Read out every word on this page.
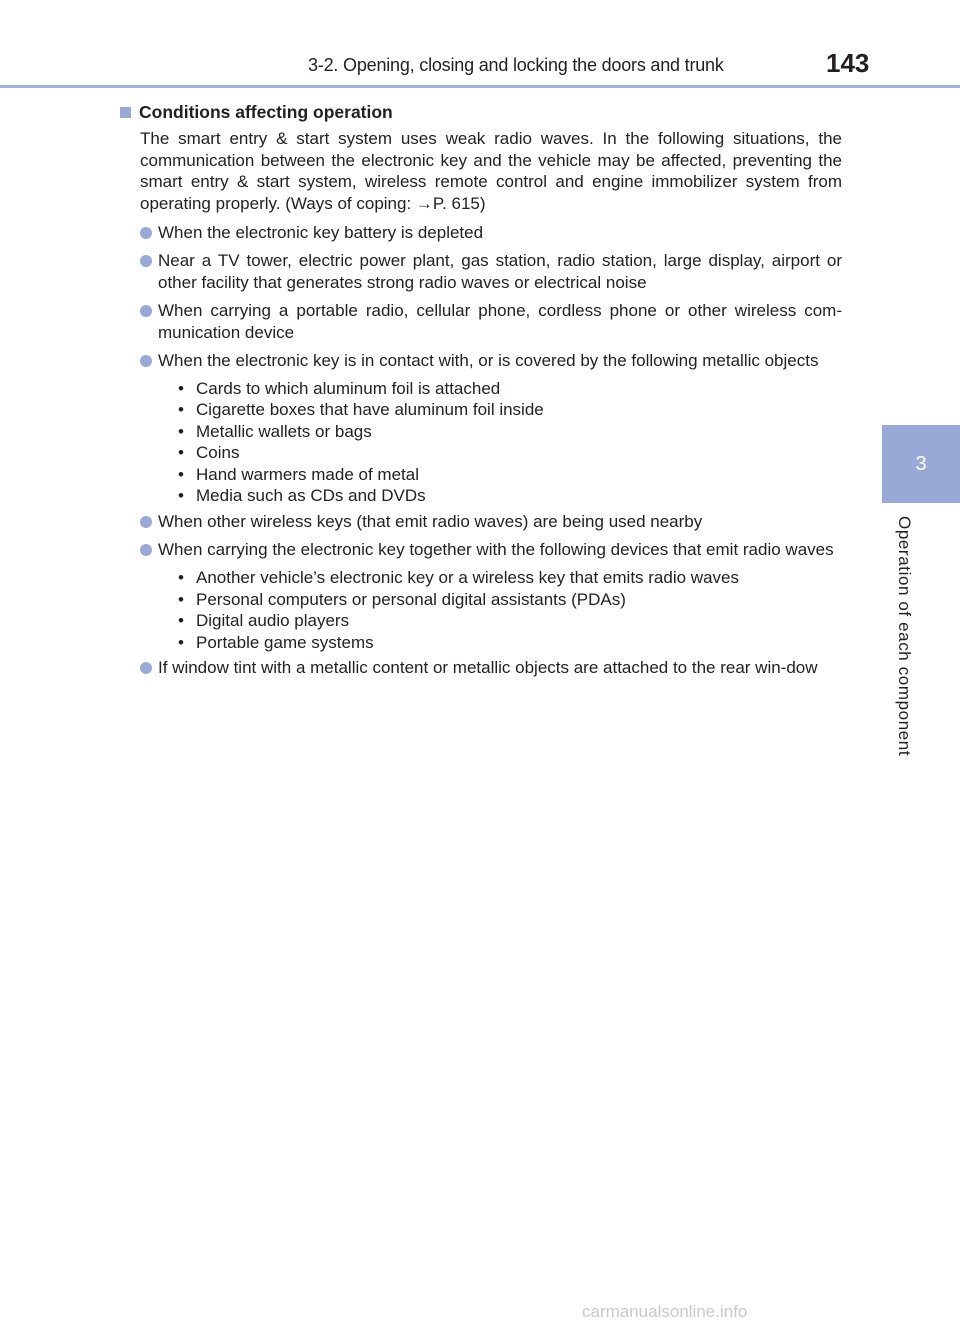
3-2. Opening, closing and locking the doors and trunk	143
3
Operation of each component
Conditions affecting operation

The smart entry & start system uses weak radio waves. In the following situations, the communication between the electronic key and the vehicle may be affected, preventing the smart entry & start system, wireless remote control and engine immobilizer system from operating properly. (Ways of coping: →P. 615)

When the electronic key battery is depleted
Near a TV tower, electric power plant, gas station, radio station, large display, airport or other facility that generates strong radio waves or electrical noise
When carrying a portable radio, cellular phone, cordless phone or other wireless com-munication device
When the electronic key is in contact with, or is covered by the following metallic objects
• Cards to which aluminum foil is attached
• Cigarette boxes that have aluminum foil inside
• Metallic wallets or bags
• Coins
• Hand warmers made of metal
• Media such as CDs and DVDs
When other wireless keys (that emit radio waves) are being used nearby
When carrying the electronic key together with the following devices that emit radio waves
• Another vehicle’s electronic key or a wireless key that emits radio waves
• Personal computers or personal digital assistants (PDAs)
• Digital audio players
• Portable game systems
If window tint with a metallic content or metallic objects are attached to the rear win-dow
carmanualsonline.info
